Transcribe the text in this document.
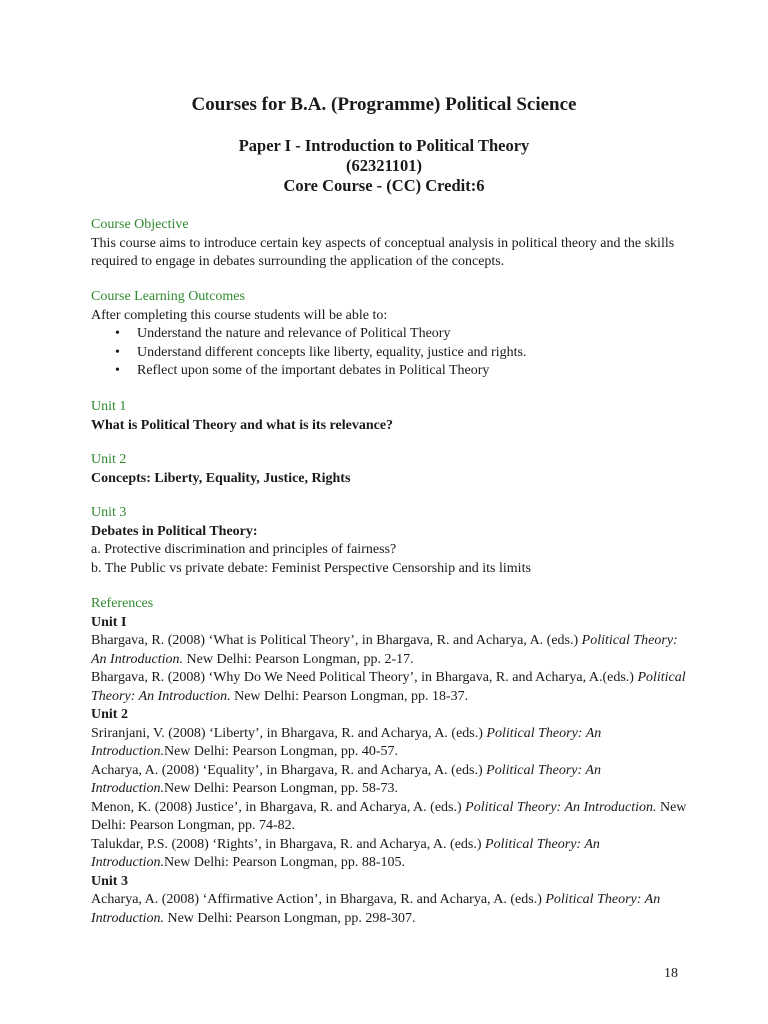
Courses for B.A. (Programme) Political Science
Paper I - Introduction to Political Theory
(62321101)
Core Course - (CC) Credit:6
Course Objective
This course aims to introduce certain key aspects of conceptual analysis in political theory and the skills required to engage in debates surrounding the application of the concepts.
Course Learning Outcomes
After completing this course students will be able to:
• Understand the nature and relevance of Political Theory
• Understand different concepts like liberty, equality, justice and rights.
• Reflect upon some of the important debates in Political Theory
Unit 1
What is Political Theory and what is its relevance?
Unit 2
Concepts: Liberty, Equality, Justice, Rights
Unit 3
Debates in Political Theory:
a. Protective discrimination and principles of fairness?
b. The Public vs private debate: Feminist Perspective Censorship and its limits
References
Unit I

Bhargava, R. (2008) ‘What is Political Theory’, in Bhargava, R. and Acharya, A. (eds.) Political Theory: An Introduction. New Delhi: Pearson Longman, pp. 2-17.

Bhargava, R. (2008) ‘Why Do We Need Political Theory’, in Bhargava, R. and Acharya, A.(eds.) Political Theory: An Introduction. New Delhi: Pearson Longman, pp. 18-37.

Unit 2

Sriranjani, V. (2008) ‘Liberty’, in Bhargava, R. and Acharya, A. (eds.) Political Theory: An Introduction.New Delhi: Pearson Longman, pp. 40-57.

Acharya, A. (2008) ‘Equality’, in Bhargava, R. and Acharya, A. (eds.) Political Theory: An Introduction.New Delhi: Pearson Longman, pp. 58-73.

Menon, K. (2008) Justice’, in Bhargava, R. and Acharya, A. (eds.) Political Theory: An Introduction. New Delhi: Pearson Longman, pp. 74-82.

Talukdar, P.S. (2008) ‘Rights’, in Bhargava, R. and Acharya, A. (eds.) Political Theory: An Introduction.New Delhi: Pearson Longman, pp. 88-105.

Unit 3

Acharya, A. (2008) ‘Affirmative Action’, in Bhargava, R. and Acharya, A. (eds.) Political Theory: An Introduction. New Delhi: Pearson Longman, pp. 298-307.

18
